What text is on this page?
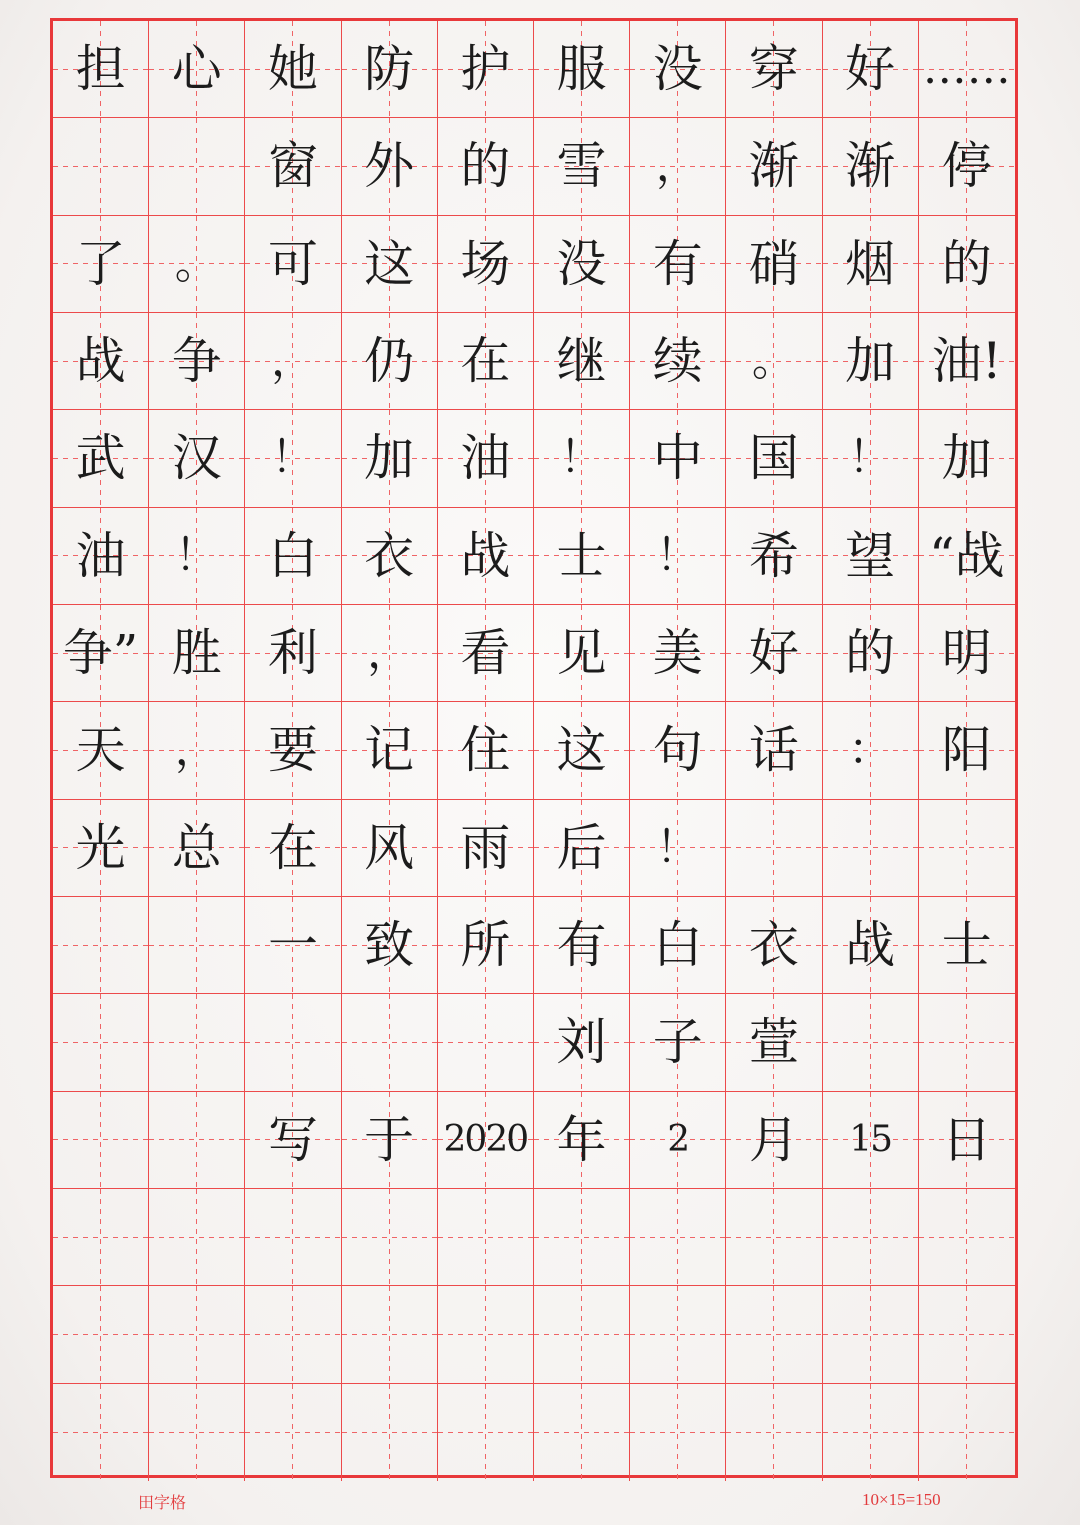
担 心 她 防 护 服 没 穿 好 ……
窗 外 的 雪	， 渐 渐 停
了	。 可 这 场 没 有 硝 烟 的
战 争	， 仍 在 继 续	。 加 油!
武 汉	！ 加 油	！ 中 国	！ 加
油	！ 白 衣 战 士	！ 希 望 “战
争” 胜 利	， 看 见 美 好 的 明
天	， 要 记 住 这 句 话	： 阳
光 总 在 风 雨 后	！
一 致 所 有 白 衣 战 士
刘 子 萱
写 于 2020 年	2	月	15	日
田字格	10×15=150
